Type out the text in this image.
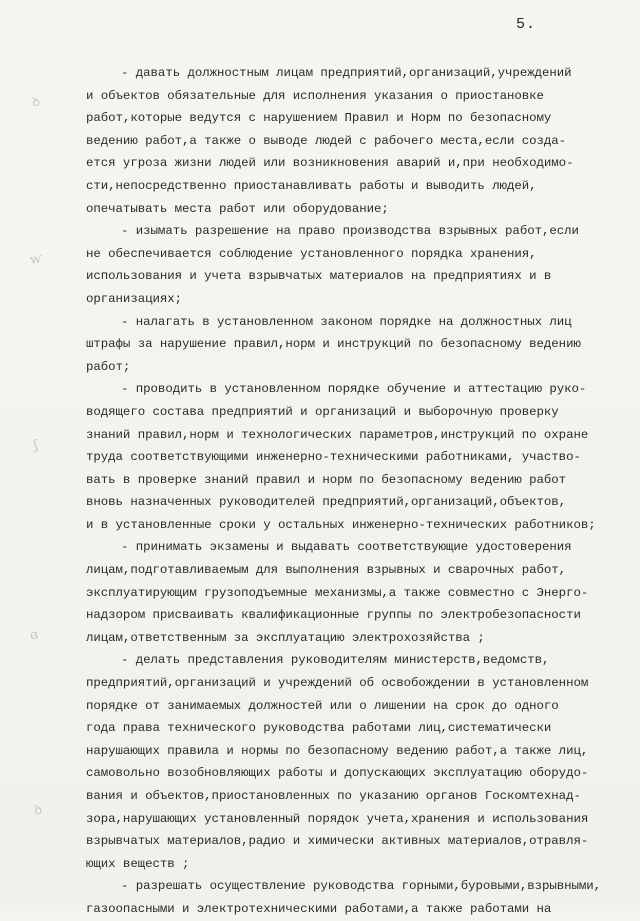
5.
ꝺ
ⱳ
ʃ
ɞ
ꝺ
- давать должностным лицам предприятий,организаций,учреждений
и объектов обязательные для исполнения указания о приостановке
работ,которые ведутся с нарушением Правил и Норм по безопасному
ведению работ,а также о выводе людей с рабочего места,если созда-
ется угроза жизни людей или возникновения аварий и,при необходимо-
сти,непосредственно приостанавливать работы и выводить людей,
опечатывать места работ или оборудование;
- изымать разрешение на право производства взрывных работ,если
не обеспечивается соблюдение установленного порядка хранения,
использования и учета взрывчатых материалов на предприятиях и в
организациях;
- налагать в установленном законом порядке на должностных лиц
штрафы за нарушение правил,норм и инструкций по безопасному ведению
работ;
- проводить в установленном порядке обучение и аттестацию руко-
водящего состава предприятий и организаций и выборочную проверку
знаний правил,норм и технологических параметров,инструкций по охране
труда соответствующими инженерно-техническими работниками, участво-
вать в проверке знаний правил и норм по безопасному ведению работ
вновь назначенных руководителей предприятий,организаций,объектов,
и в установленные сроки у остальных инженерно-технических работников;
- принимать экзамены и выдавать соответствующие удостоверения
лицам,подготавливаемым для выполнения взрывных и сварочных работ,
эксплуатирующим грузоподъемные механизмы,а также совместно с Энерго-
надзором присваивать квалификационные группы по электробезопасности
лицам,ответственным за эксплуатацию электрохозяйства ;
- делать представления руководителям министерств,ведомств,
предприятий,организаций и учреждений об освобождении в установленном
порядке от занимаемых должностей или о лишении на срок до одного
года права технического руководства работами лиц,систематически
нарушающих правила и нормы по безопасному ведению работ,а также лиц,
самовольно возобновляющих работы и допускающих эксплуатацию оборудо-
вания и объектов,приостановленных по указанию органов Госкомтехнад-
зора,нарушающих установленный порядок учета,хранения и использования
взрывчатых материалов,радио и химически активных материалов,отравля-
ющих веществ ;
- разрешать осуществление руководства горными,буровыми,взрывными,
газоопасными и электротехническими работами,а также работами на
